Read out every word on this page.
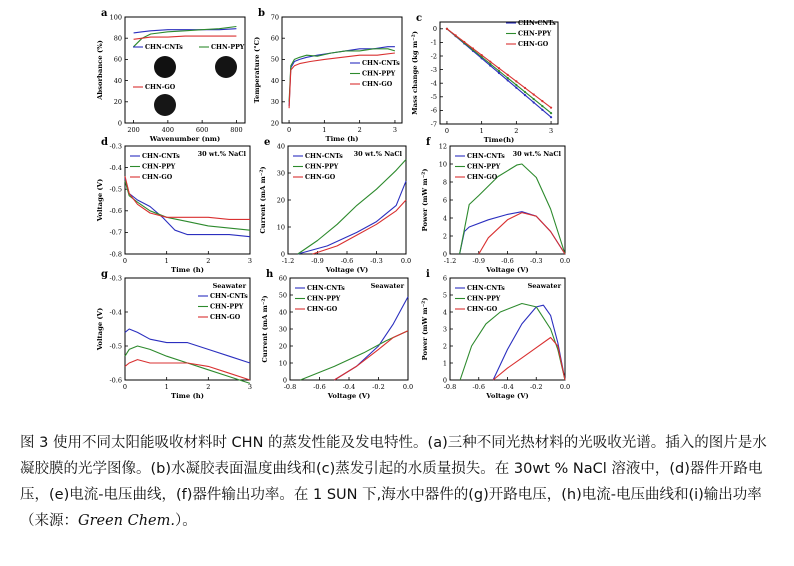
a
200	400	600	800
0
20
40
60
80
100
Wavenumber (nm)
Absorbance (%)	CHN-CNTs	CHN-PPY
CHN-GO
b
0	1	2	3
20
30
40
50
60
70
Time (h)
Temperature (°C)	CHN-CNTs
CHN-PPY
CHN-GO
c
0	1	2	3
0
-1
-2
-3
-4
-5
-6
-7
Time(h)
Mass change (kg m⁻²)
CHN-CNTs
CHN-PPY
CHN-GO
d
0	1	2	3
-0.3
-0.4
-0.5
-0.6
-0.7
-0.8
Time (h)
Voltage (V)
30 wt.% NaCl
CHN-CNTs
CHN-PPY
CHN-GO
e
-1.2	-0.9	-0.6	-0.3	0.0
0
10
20
30
40
Voltage (V)
Current (mA m⁻²)
30 wt.% NaCl
CHN-CNTs
CHN-PPY
CHN-GO
f
-1.2 -0.9 -0.6 -0.3	0.0
0
2
4
6
8
10
12
Voltage (V)
Power (mW m⁻²)
30 wt.% NaCl
CHN-CNTs
CHN-PPY
CHN-GO
g
0	1	2	3
-0.3
-0.4
-0.5
-0.6
Time (h)
Voltage (V)
Seawater
CHN-CNTs
CHN-PPY
CHN-GO
h
-0.8	-0.6	-0.4	-0.2	0.0
0
10
20
30
40
50
60
Voltage (V)
Current (mA m⁻²)
Seawater
CHN-CNTs
CHN-PPY
CHN-GO
i
-0.8 -0.6 -0.4 -0.2	0.0
0
1
2
3
4
5
6
Voltage (V)
Power (mW m⁻²)
Seawater
CHN-CNTs
CHN-PPY
CHN-GO

图 3 使用不同太阳能吸收材料时 CHN 的蒸发性能及发电特性。(a)三种不同光热材料的光吸收光谱。插入的图片是水凝胶膜的光学图像。(b)水凝胶表面温度曲线和(c)蒸发引起的水质量损失。在 30wt % NaCl 溶液中，(d)器件开路电压，(e)电流-电压曲线，(f)器件输出功率。在 1 SUN 下,海水中器件的(g)开路电压，(h)电流-电压曲线和(i)输出功率（来源：Green Chem.）。
